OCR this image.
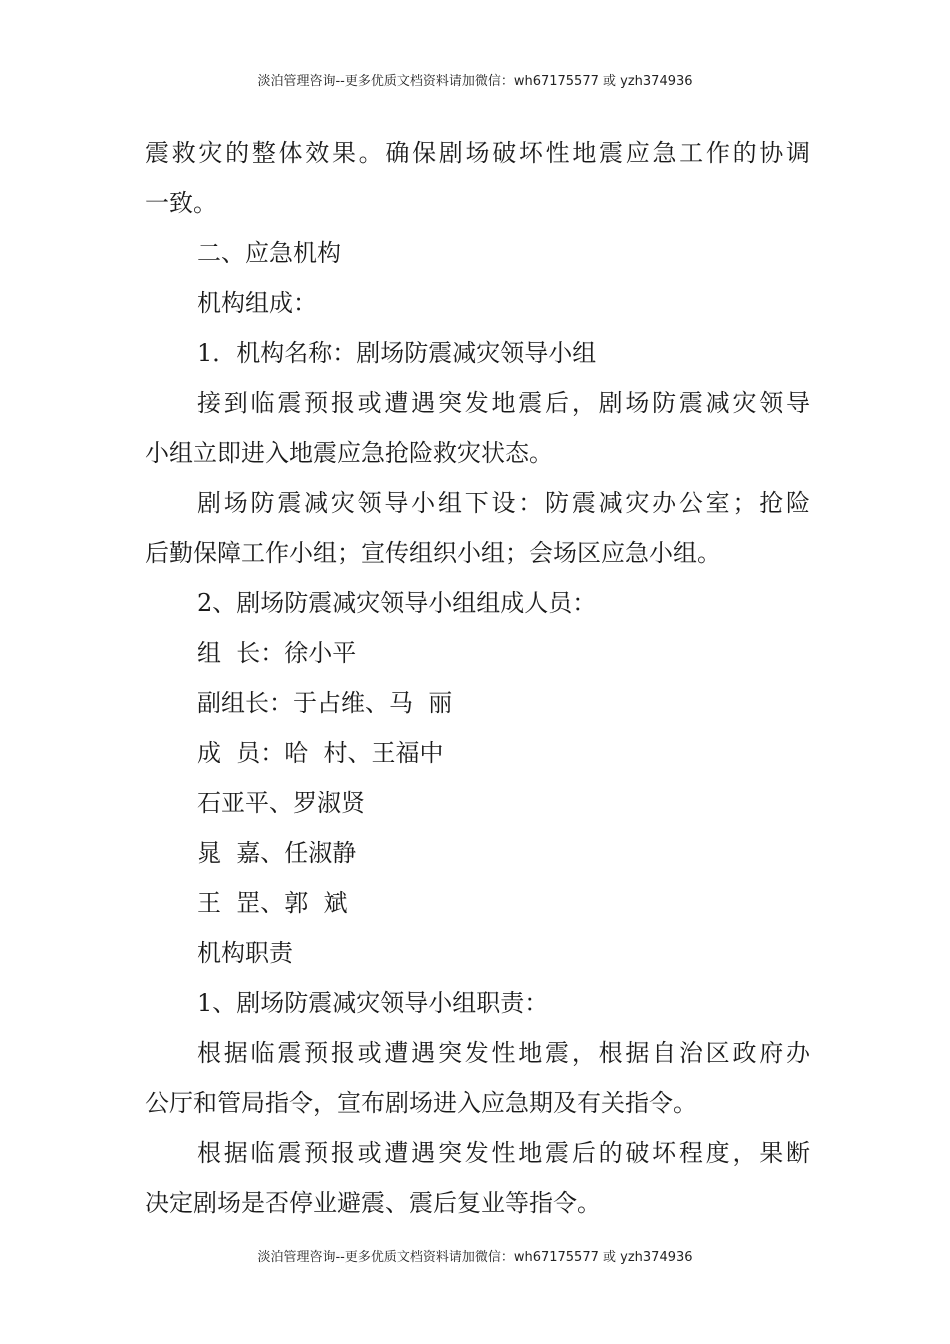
淡泊管理咨询--更多优质文档资料请加微信：wh67175577 或 yzh374936
震救灾的整体效果。确保剧场破坏性地震应急工作的协调
一致。
二、应急机构
机构组成：
1．机构名称：剧场防震减灾领导小组
接到临震预报或遭遇突发地震后，剧场防震减灾领导
小组立即进入地震应急抢险救灾状态。
剧场防震减灾领导小组下设：防震减灾办公室；抢险
后勤保障工作小组；宣传组织小组；会场区应急小组。
2、剧场防震减灾领导小组组成人员：
组  长：徐小平
副组长：于占维、马  丽
成  员：哈  村、王福中
石亚平、罗淑贤
晁  嘉、任淑静
王  罡、郭  斌
机构职责
1、剧场防震减灾领导小组职责：
根据临震预报或遭遇突发性地震，根据自治区政府办
公厅和管局指令，宣布剧场进入应急期及有关指令。
根据临震预报或遭遇突发性地震后的破坏程度，果断
决定剧场是否停业避震、震后复业等指令。
淡泊管理咨询--更多优质文档资料请加微信：wh67175577 或 yzh374936
